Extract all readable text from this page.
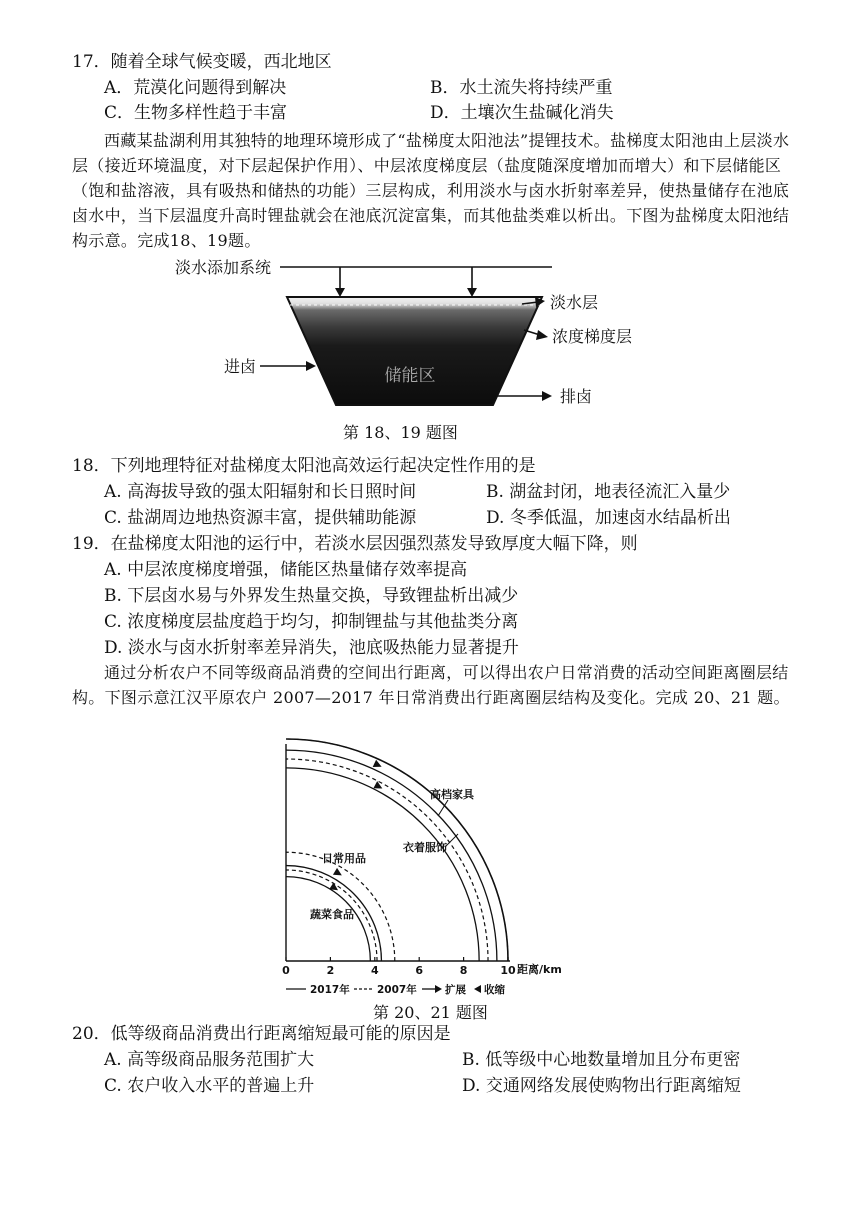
17．随着全球气候变暖，西北地区
A．荒漠化问题得到解决	B．水土流失将持续严重
C．生物多样性趋于丰富	D．土壤次生盐碱化消失
西藏某盐湖利用其独特的地理环境形成了“盐梯度太阳池法”提锂技术。盐梯度太阳池由上层淡水层（接近环境温度，对下层起保护作用）、中层浓度梯度层（盐度随深度增加而增大）和下层储能区（饱和盐溶液，具有吸热和储热的功能）三层构成，利用淡水与卤水折射率差异，使热量储存在池底卤水中，当下层温度升高时锂盐就会在池底沉淀富集，而其他盐类难以析出。下图为盐梯度太阳池结构示意。完成18、19题。
储能区
淡水添加系统
淡水层
浓度梯度层
进卤
排卤
第 18、19 题图
18．下列地理特征对盐梯度太阳池高效运行起决定性作用的是
A. 高海拔导致的强太阳辐射和长日照时间	B. 湖盆封闭，地表径流汇入量少
C. 盐湖周边地热资源丰富，提供辅助能源	D. 冬季低温，加速卤水结晶析出
19．在盐梯度太阳池的运行中，若淡水层因强烈蒸发导致厚度大幅下降，则
A. 中层浓度梯度增强，储能区热量储存效率提高
B. 下层卤水易与外界发生热量交换，导致锂盐析出减少
C. 浓度梯度层盐度趋于均匀，抑制锂盐与其他盐类分离
D. 淡水与卤水折射率差异消失，池底吸热能力显著提升
通过分析农户不同等级商品消费的空间出行距离，可以得出农户日常消费的活动空间距离圈层结构。下图示意江汉平原农户 2007—2017 年日常消费出行距离圈层结构及变化。完成 20、21 题。
蔬菜食品
日常用品
衣着服饰
高档家具
0	2	4	6	8	10 距离/km
2017年	2007年	扩展 收缩
第 20、21 题图
20．低等级商品消费出行距离缩短最可能的原因是
A. 高等级商品服务范围扩大	B. 低等级中心地数量增加且分布更密
C. 农户收入水平的普遍上升	D. 交通网络发展使购物出行距离缩短
